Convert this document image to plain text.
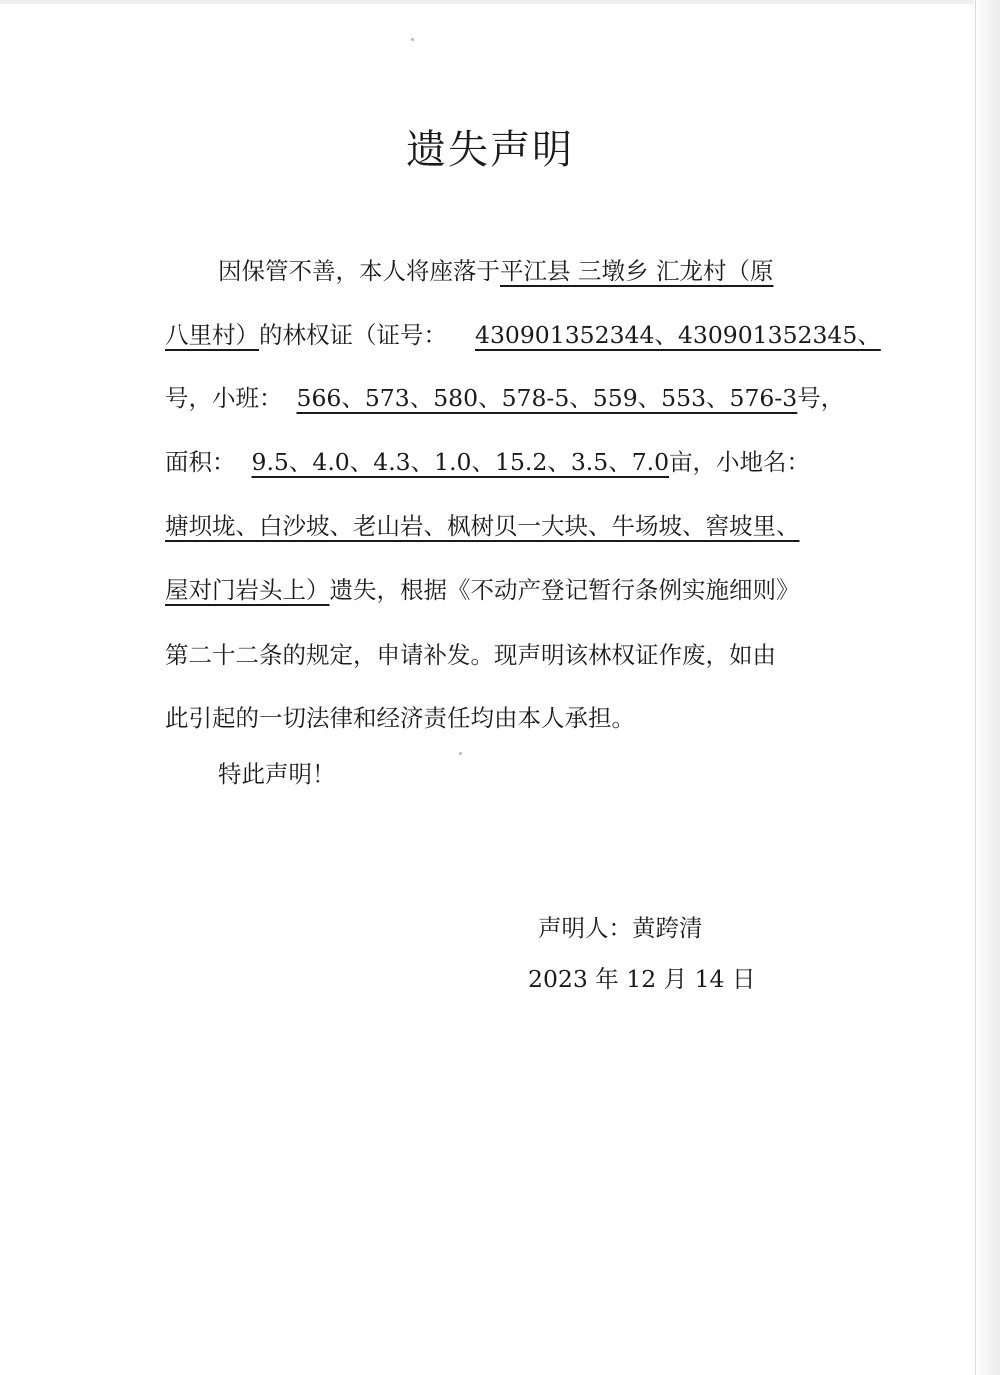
遗失声明
因保管不善，本人将座落于平江县 三墩乡 汇龙村（原
八里村）的林权证（证号： 430901352344、430901352345、
号，小班： 566、573、580、578-5、559、553、576-3号，
面积： 9.5、4.0、4.3、1.0、15.2、3.5、7.0亩，小地名：
塘坝垅、白沙坡、老山岩、枫树贝一大块、牛场坡、窖坡里、
屋对门岩头上）遗失，根据《不动产登记暂行条例实施细则》
第二十二条的规定，申请补发。现声明该林权证作废，如由
此引起的一切法律和经济责任均由本人承担。
特此声明！
声明人：黄跨清
2023 年 12 月 14 日
